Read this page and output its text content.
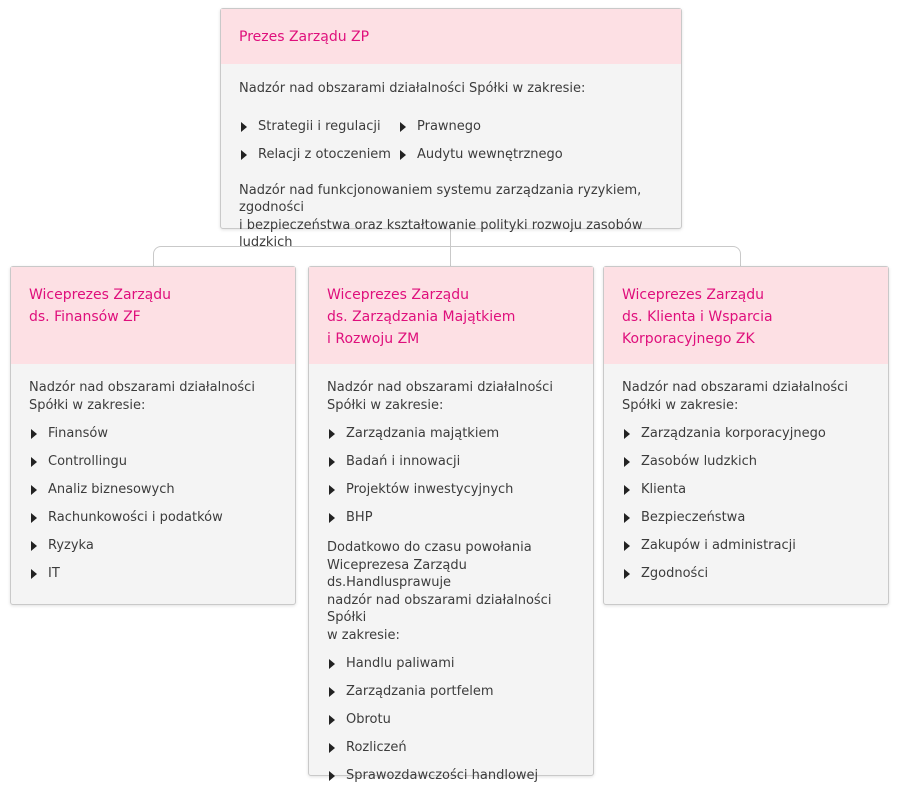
Prezes Zarządu ZP
Nadzór nad obszarami działalności Spółki w zakresie:
Strategii i regulacji
Relacji z otoczeniem
Prawnego
Audytu wewnętrznego
Nadzór nad funkcjonowaniem systemu zarządzania ryzykiem, zgodności
i bezpieczeństwa oraz kształtowanie polityki rozwoju zasobów ludzkich
Wiceprezes Zarządu
ds. Finansów ZF
Nadzór nad obszarami działalności
Spółki w zakresie:
Finansów
Controllingu
Analiz biznesowych
Rachunkowości i podatków
Ryzyka
IT
Wiceprezes Zarządu
ds. Zarządzania Majątkiem
i Rozwoju ZM
Nadzór nad obszarami działalności
Spółki w zakresie:
Zarządzania majątkiem
Badań i innowacji
Projektów inwestycyjnych
BHP
Dodatkowo do czasu powołania
Wiceprezesa Zarządu ds.Handlusprawuje
nadzór nad obszarami działalności Spółki
w zakresie:
Handlu paliwami
Zarządzania portfelem
Obrotu
Rozliczeń
Sprawozdawczości handlowej
Wiceprezes Zarządu
ds. Klienta i Wsparcia
Korporacyjnego ZK
Nadzór nad obszarami działalności
Spółki w zakresie:
Zarządzania korporacyjnego
Zasobów ludzkich
Klienta
Bezpieczeństwa
Zakupów i administracji
Zgodności
